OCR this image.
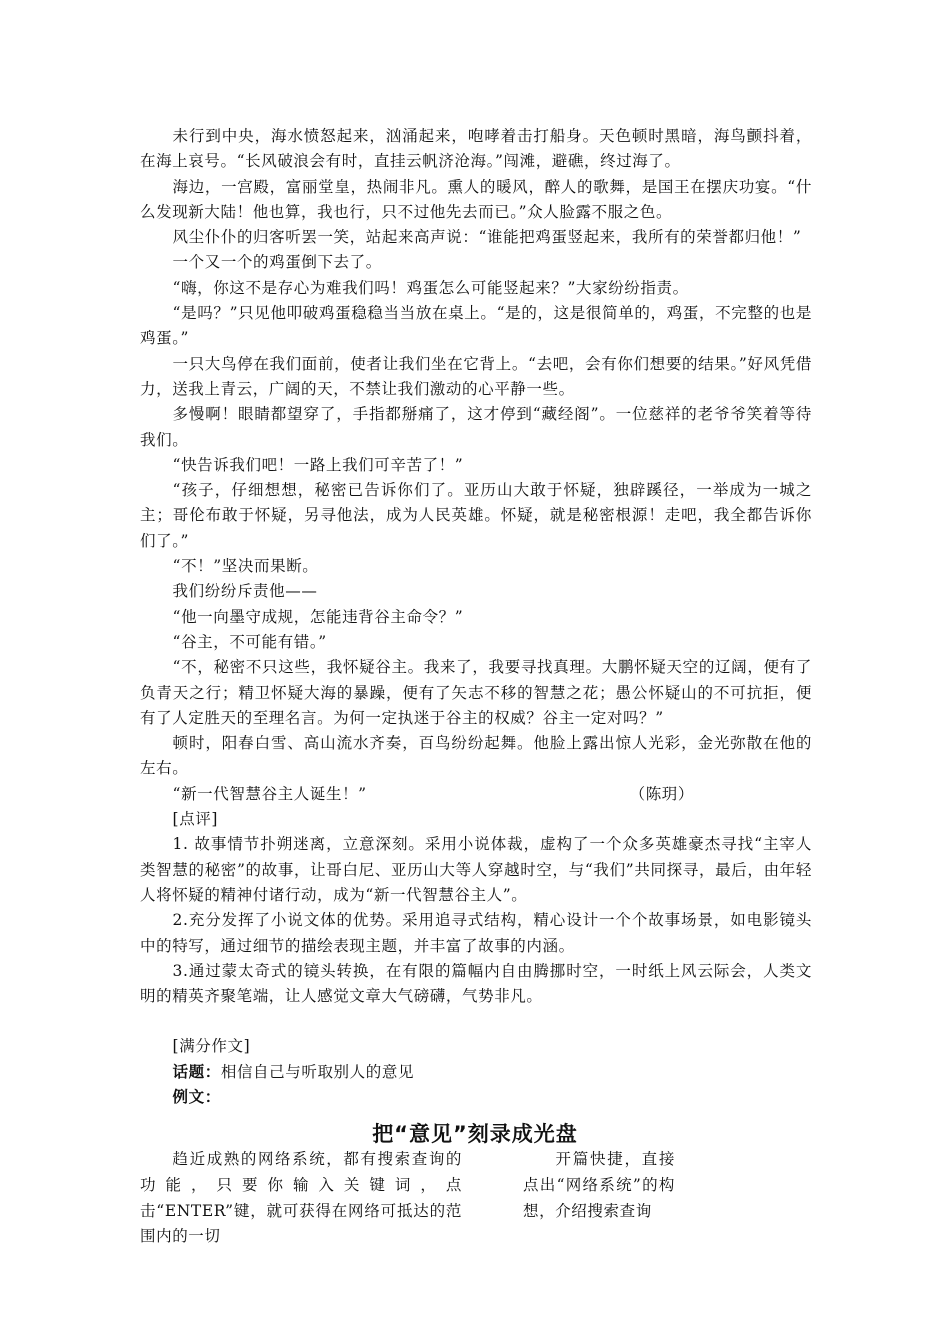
未行到中央，海水愤怒起来，汹涌起来，咆哮着击打船身。天色顿时黑暗，海鸟颤抖着，在海上哀号。“长风破浪会有时，直挂云帆济沧海。”闯滩，避礁，终过海了。

海边，一宫殿，富丽堂皇，热闹非凡。熏人的暖风，醉人的歌舞，是国王在摆庆功宴。“什么发现新大陆！他也算，我也行，只不过他先去而已。”众人脸露不服之色。

风尘仆仆的归客听罢一笑，站起来高声说：“谁能把鸡蛋竖起来，我所有的荣誉都归他！”

一个又一个的鸡蛋倒下去了。

“嗨，你这不是存心为难我们吗！鸡蛋怎么可能竖起来？”大家纷纷指责。

“是吗？”只见他叩破鸡蛋稳稳当当放在桌上。“是的，这是很简单的，鸡蛋，不完整的也是鸡蛋。”

一只大鸟停在我们面前，使者让我们坐在它背上。“去吧，会有你们想要的结果。”好风凭借力，送我上青云，广阔的天，不禁让我们激动的心平静一些。

多慢啊！眼睛都望穿了，手指都掰痛了，这才停到“藏经阁”。一位慈祥的老爷爷笑着等待我们。

“快告诉我们吧！一路上我们可辛苦了！”

“孩子，仔细想想，秘密已告诉你们了。亚历山大敢于怀疑，独辟蹊径，一举成为一城之主；哥伦布敢于怀疑，另寻他法，成为人民英雄。怀疑，就是秘密根源！走吧，我全都告诉你们了。”

“不！”坚决而果断。

我们纷纷斥责他——

“他一向墨守成规，怎能违背谷主命令？”

“谷主，不可能有错。”

“不，秘密不只这些，我怀疑谷主。我来了，我要寻找真理。大鹏怀疑天空的辽阔，便有了负青天之行；精卫怀疑大海的暴躁，便有了矢志不移的智慧之花；愚公怀疑山的不可抗拒，便有了人定胜天的至理名言。为何一定执迷于谷主的权威？谷主一定对吗？”

顿时，阳春白雪、高山流水齐奏，百鸟纷纷起舞。他脸上露出惊人光彩，金光弥散在他的左右。

“新一代智慧谷主人诞生！”	（陈玥）

[点评]

1. 故事情节扑朔迷离，立意深刻。采用小说体裁，虚构了一个众多英雄豪杰寻找“主宰人类智慧的秘密”的故事，让哥白尼、亚历山大等人穿越时空，与“我们”共同探寻，最后，由年轻人将怀疑的精神付诸行动，成为“新一代智慧谷主人”。

2.充分发挥了小说文体的优势。采用追寻式结构，精心设计一个个故事场景，如电影镜头中的特写，通过细节的描绘表现主题，并丰富了故事的内涵。

3.通过蒙太奇式的镜头转换，在有限的篇幅内自由腾挪时空，一时纸上风云际会，人类文明的精英齐聚笔端，让人感觉文章大气磅礴，气势非凡。

[满分作文]

话题：相信自己与听取别人的意见

例文：

把“意见”刻录成光盘

趋近成熟的网络系统，都有搜索查询的功能，只要你输入关键词，点击“ENTER”键，就可获得在网络可抵达的范围内的一切

开篇快捷，直接点出“网络系统”的构想，介绍搜索查询
